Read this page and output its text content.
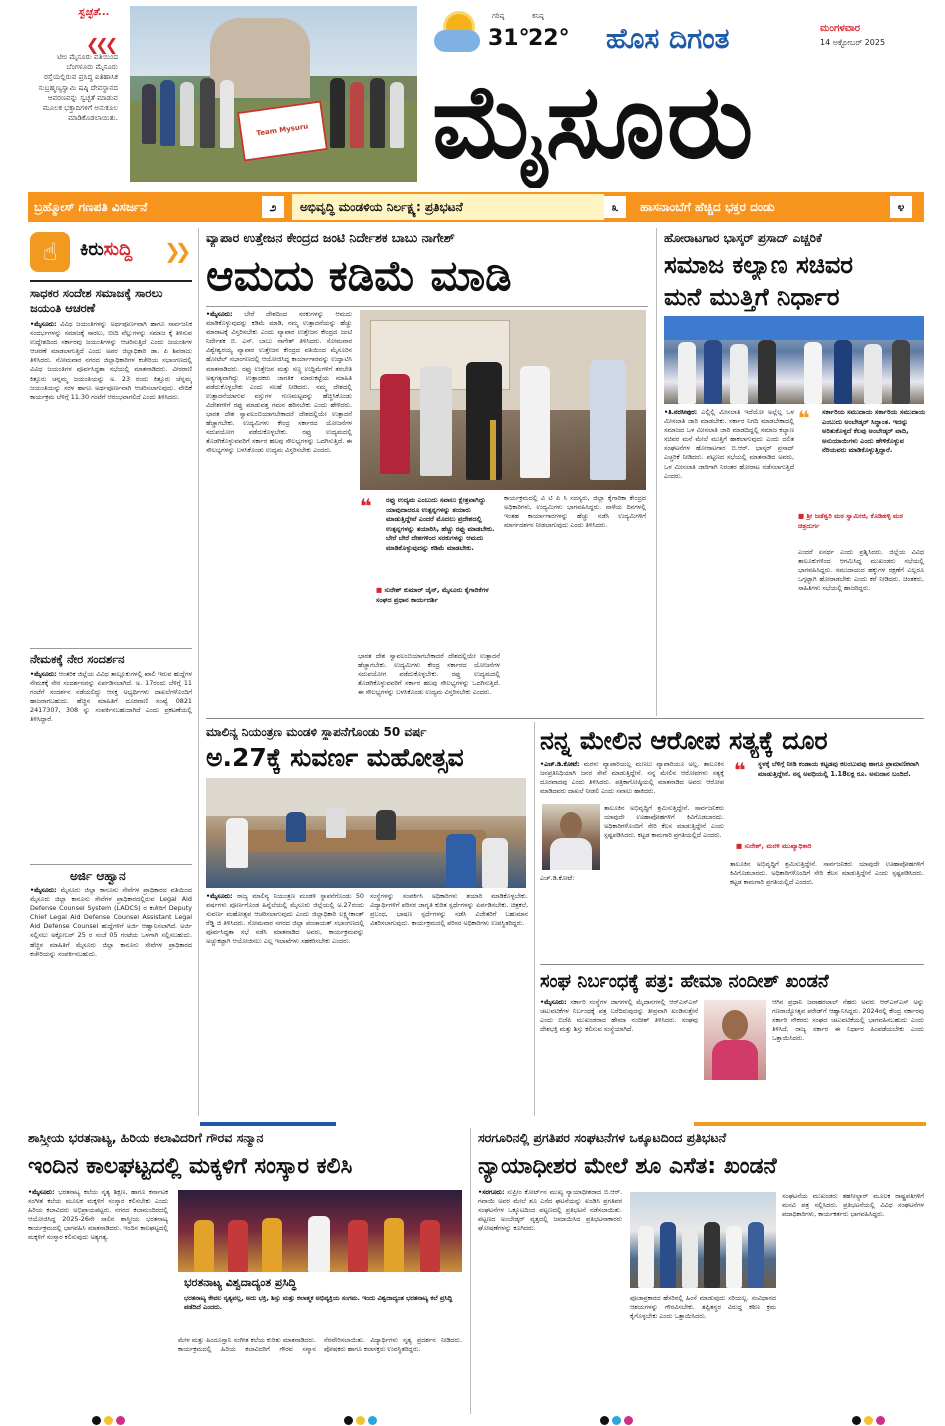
ಸ್ವಚ್ಛತೆ...
❮❮❮
ಟೀಂ ಮೈಸೂರು ವತಿಯಿಂದ ಬೆಂಗಳೂರು ಮೈಸೂರು ರಸ್ತೆಯಲ್ಲಿರುವ ಪ್ರಸಿದ್ಧ ಐತಿಹಾಸಿಕ ಸುಬ್ರಹ್ಮಣ್ಯಸ್ವಾಮಿ ಷಷ್ಠಿ ದೇವಸ್ಥಾನದ ಆವರಣವನ್ನು ಸ್ವಚ್ಛತೆ ಮಾಡುವ ಮೂಲಕ ಭಕ್ತಾದಿಗಳಿಗೆ ಅನುಕೂಲ ಮಾಡಿಕೊಡಲಾಯಿತು.
Team Mysuru
ಗರಿಷ್ಠ
31°
ಕನಿಷ್ಠ
22° ಹೊಸ ದಿಗಂತ	ಮಂಗಳವಾರ
14 ಅಕ್ಟೋಬರ್ 2025
ಮೈಸೂರು
ಬ್ರಹ್ಮೋಸ್ ಗಣಪತಿ ವಿಸರ್ಜನೆ	೨	ಅಭಿವೃದ್ಧಿ ಮಂಡಳಿಯ ನಿರ್ಲಕ್ಷ್ಯ: ಪ್ರತಿಭಟನೆ	೩	ಹಾಸನಾಂಬೆಗೆ ಹೆಚ್ಚಿದ ಭಕ್ತರ ದಂಡು	೪
☝	ಕಿರುಸುದ್ದಿ ❯❯
ಸಾಧಕರ ಸಂದೇಶ ಸಮಾಜಕ್ಕೆ ಸಾರಲು ಜಯಂತಿ ಆಚರಣೆ
•ಮೈಸೂರು: ವಿವಿಧ ಜಯಂತಿಗಳನ್ನು ಅರ್ಥಪೂರ್ಣವಾಗಿ ಹಾಗೂ ಸಾರ್ವಜನಿಕ ಸಂದರ್ಭಗಳನ್ನು ಸಮಾಜಕ್ಕೆ ಸಾರಲು, ಬೀದಿ ವೆಲ್ಲುಗಳನ್ನು ಸಮಾಜ ಕ್ಕೆ ತಿಳಿಸುವ ಉದ್ದೇಶದಿಂದ ಸರ್ಕಾರವು ಜಯಂತಿಗಳನ್ನು ಆಚರಿಸುತ್ತಿದೆ ಎಂದು ಜಯಂತಿಗಳ ಆಚರಣೆ ಮಾಡಲಾಗುತ್ತಿದೆ ಎಂದು ಅಪರ ಜಿಲ್ಲಾಧಿಕಾರಿ ಡಾ. ಪಿ ಶಿವರಾಜು ತಿಳಿಸಿದರು. ನೋಮವಾರ ನಗರದ ಜಿಲ್ಲಾಧಿಕಾರಿಗಳ ಕಚೇರಿಯ ಸಭಾಂಗಣದಲ್ಲಿ ವಿವಿಧ ಜಯಂತಿಗಳ ಪೂರ್ವಸಿದ್ಧತಾ ಸಭೆಯಲ್ಲಿ ಮಾತನಾಡಿದರು. ವೀರರಾಣಿ ಕಿತ್ತೂರು ಚನ್ನಮ್ಮ ಜಯಂತಿಯನ್ನು ಅ. 23 ರಂದು ಕಿತ್ತೂರು ಚೆನ್ನಮ್ಮ ಜಯಂತಿಯನ್ನು ಸರಳ ಹಾಗೂ ಅರ್ಥಪೂರ್ಣವಾಗಿ ಆಚರಿಸಲಾಗುವುದು. ವೇದಿಕೆ ಕಾರ್ಯಕ್ರಮ ಬೆಳಿಗ್ಗೆ 11.30 ಗಂಟೆಗೆ ಆರಂಭವಾಗಲಿದೆ ಎಂದು ತಿಳಿಸಿದರು.
ನೇಮಕಕ್ಕೆ ನೇರ ಸಂದರ್ಶನ
•ಮೈಸೂರು: ಆಂತರಿಕ ಜಿಲ್ಲೆಯ ವಿವಿಧ ತಾಲ್ಲೂಕುಗಳಲ್ಲಿ ಖಾಲಿ ಇರುವ ಹುದ್ದೆಗಳ ನೇಮಕಕ್ಕೆ ನೇರ ಸಂದರ್ಶನವನ್ನು ಏರ್ಪಡಿಸಲಾಗಿದೆ. ಅ. 17ರಂದು ಬೆಳಿಗ್ಗೆ 11 ಗಂಟೆಗೆ ಸಂದರ್ಶನ ನಡೆಯಲಿದ್ದು ಆಸಕ್ತ ಅಭ್ಯರ್ಥಿಗಳು ದಾಖಲೆಗಳೊಂದಿಗೆ ಹಾಜರಾಗಬಹುದು. ಹೆಚ್ಚಿನ ಮಾಹಿತಿಗೆ ದೂರವಾಣಿ ಸಂಖ್ಯೆ 0821 2417307, 308 ನ್ನು ಸಂಪರ್ಕಿಸಬಹುದಾಗಿದೆ ಎಂದು ಪ್ರಕಟಣೆಯಲ್ಲಿ ತಿಳಿಸಿದ್ದಾರೆ.
ಅರ್ಜಿ ಆಹ್ವಾನ
•ಮೈಸೂರು: ಮೈಸೂರು ಜಿಲ್ಲಾ ಕಾನೂನು ಸೇವೆಗಳ ಪ್ರಾಧಿಕಾರದ ವತಿಯಿಂದ ಮೈಸೂರು ಜಿಲ್ಲಾ ಕಾನೂನು ಸೇವೆಗಳ ಪ್ರಾಧಿಕಾರದಲ್ಲಿರುವ Legal Aid Defense Counsel System (LADCS) ರ ಕಚೇರಿಗೆ Deputy Chief Legal Aid Defense Counsel Assistant Legal Aid Defense Counsel ಹುದ್ದೆಗಳಿಗೆ ಅರ್ಜಿ ಆಹ್ವಾನಿಸಲಾಗಿದೆ. ಅರ್ಜಿ ಸಲ್ಲಿಸಲು ಅಕ್ಟೋಬರ್ 25 ರ ಸಂಜೆ 05 ಗಂಟೆಯ ಒಳಗಾಗಿ ಸಲ್ಲಿಸಬಹುದು. ಹೆಚ್ಚಿನ ಮಾಹಿತಿಗೆ ಮೈಸೂರು ಜಿಲ್ಲಾ ಕಾನೂನು ಸೇವೆಗಳ ಪ್ರಾಧಿಕಾರದ ಕಚೇರಿಯನ್ನು ಸಂಪರ್ಕಿಸಬಹುದು.
ವ್ಯಾಪಾರ ಉತ್ತೇಜನ ಕೇಂದ್ರದ ಜಂಟಿ ನಿರ್ದೇಶಕ ಬಾಬು ನಾಗೇಶ್
ಆಮದು ಕಡಿಮೆ ಮಾಡಿ
•ಮೈಸೂರು: ಬೇರೆ ದೇಶದಿಂದ ಸರಕುಗಳನ್ನು ಆಮದು ಮಾಡಿಕೊಳ್ಳುವುದನ್ನು ಕಡಿಮೆ ಮಾಡಿ, ನಮ್ಮ ಉತ್ಪಾದನೆಯನ್ನು ಹೆಚ್ಚು ಮಾರಾಟಕ್ಕೆ ವಿಸ್ತರಿಸಬೇಕು ಎಂದು ವ್ಯಾಪಾರ ಉತ್ತೇಜನ ಕೇಂದ್ರದ ಜಂಟಿ ನಿರ್ದೇಶಕ ಬಿ. ಎಸ್. ಬಾಬು ನಾಗೇಶ್ ತಿಳಿಸಿದರು. ಸೋಮವಾರ ವಿಶ್ವೇಶ್ವರಯ್ಯ ವ್ಯಾಪಾರ ಉತ್ತೇಜನ ಕೇಂದ್ರದ ವತಿಯಿಂದ ಮೈಸೂರಿನ ಹೋಟೆಲ್ ಸಭಾಂಗಣದಲ್ಲಿ ಆಯೋಜಿಸಿದ್ದ ಕಾರ್ಯಾಗಾರವನ್ನು ಉದ್ಘಾಟಿಸಿ ಮಾತನಾಡಿದರು. ರಫ್ತು ಉತ್ತೇಜನ ಮತ್ತು ಸಣ್ಣ ಉದ್ದಿಮೆಗಳಿಗೆ ತರಬೇತಿ ಅತ್ಯಗತ್ಯವಾಗಿದ್ದು ಉತ್ಪಾದಕರು ಜಾಗತಿಕ ಮಾರುಕಟ್ಟೆಯ ಮಾಹಿತಿ ಪಡೆದುಕೊಳ್ಳಬೇಕು ಎಂದು ಸಲಹೆ ನೀಡಿದರು. ನಮ್ಮ ದೇಶದಲ್ಲಿ ಉತ್ಪಾದನೆಯಾಗುವ ವಸ್ತುಗಳ ಗುಣಮಟ್ಟವನ್ನು ಹೆಚ್ಚಿಸಿಕೊಂಡು ವಿದೇಶಗಳಿಗೆ ರಫ್ತು ಮಾಡುವತ್ತ ಗಮನ ಹರಿಸಬೇಕು ಎಂದು ಹೇಳಿದರು. ಭಾರತ ದೇಶ ಸ್ವಾವಲಂಬಿಯಾಗಬೇಕಾದರೆ ದೇಶದಲ್ಲಿಯೇ ಉತ್ಪಾದನೆ ಹೆಚ್ಚಾಗಬೇಕು. ಉದ್ಯಮಿಗಳು ಕೇಂದ್ರ ಸರ್ಕಾರದ ಯೋಜನೆಗಳ ಸದುಪಯೋಗ ಪಡೆದುಕೊಳ್ಳಬೇಕು. ರಫ್ತು ಉದ್ಯಮದಲ್ಲಿ ತೊಡಗಿಕೊಳ್ಳುವವರಿಗೆ ಸರ್ಕಾರ ಹಲವು ಸೌಲಭ್ಯಗಳನ್ನು ಒದಗಿಸುತ್ತಿದೆ. ಈ ಸೌಲಭ್ಯಗಳನ್ನು ಬಳಸಿಕೊಂಡು ಉದ್ಯಮ ವಿಸ್ತರಿಸಬೇಕು ಎಂದರು.
❝ ರಫ್ತು ಉದ್ಯಮ ಎಂಬುದು ಸವಾಲು ಕ್ಷೇತ್ರವಾಗಿದ್ದು ಯಾವುದಾದರೂ ಉತ್ಪನ್ನಗಳನ್ನು ತಯಾರು ಮಾಡುತ್ತಿದ್ದೇವೆ ಎಂದರೆ ಮೊದಲು ಪ್ರದೇಶದಲ್ಲಿ ಉತ್ಪನ್ನಗಳನ್ನು ತಯಾರಿಸಿ, ಹೆಚ್ಚು ರಫ್ತು ಮಾಡಬೇಕು. ಬೇರೆ ಬೇರೆ ದೇಶಗಳಿಂದ ಸರಕುಗಳನ್ನು ಆಮದು ಮಾಡಿಕೊಳ್ಳುವುದನ್ನು ಕಡಿಮೆ ಮಾಡಬೇಕು.
■ ಸುರೇಶ್ ಕುಮಾರ್ ಜೈನ್, ಮೈಸೂರು ಕೈಗಾರಿಕೆಗಳ ಸಂಘದ ಪ್ರಧಾನ ಕಾರ್ಯದರ್ಶಿ
ಕಾರ್ಯಕ್ರಮದಲ್ಲಿ ವಿ ಟಿ ಪಿ ಸಿ ಸದಸ್ಯರು, ಜಿಲ್ಲಾ ಕೈಗಾರಿಕಾ ಕೇಂದ್ರದ ಅಧಿಕಾರಿಗಳು, ಉದ್ಯಮಿಗಳು ಭಾಗವಹಿಸಿದ್ದರು. ನಾಳೆಯ ದಿನಗಳಲ್ಲಿ ಇಂತಹ ಕಾರ್ಯಾಗಾರಗಳನ್ನು ಹೆಚ್ಚು ನಡೆಸಿ ಉದ್ಯಮಿಗಳಿಗೆ ಮಾರ್ಗದರ್ಶನ ನೀಡಲಾಗುವುದು ಎಂದು ತಿಳಿಸಿದರು.
ಭಾರತ ದೇಶ ಸ್ವಾವಲಂಬಿಯಾಗಬೇಕಾದರೆ ದೇಶದಲ್ಲಿಯೇ ಉತ್ಪಾದನೆ ಹೆಚ್ಚಾಗಬೇಕು. ಉದ್ಯಮಿಗಳು ಕೇಂದ್ರ ಸರ್ಕಾರದ ಯೋಜನೆಗಳ ಸದುಪಯೋಗ ಪಡೆದುಕೊಳ್ಳಬೇಕು. ರಫ್ತು ಉದ್ಯಮದಲ್ಲಿ ತೊಡಗಿಕೊಳ್ಳುವವರಿಗೆ ಸರ್ಕಾರ ಹಲವು ಸೌಲಭ್ಯಗಳನ್ನು ಒದಗಿಸುತ್ತಿದೆ. ಈ ಸೌಲಭ್ಯಗಳನ್ನು ಬಳಸಿಕೊಂಡು ಉದ್ಯಮ ವಿಸ್ತರಿಸಬೇಕು ಎಂದರು.
ಹೋರಾಟಗಾರ ಭಾಸ್ಕರ್ ಪ್ರಸಾದ್ ಎಚ್ಚರಿಕೆ
ಸಮಾಜ ಕಲ್ಯಾಣ ಸಚಿವರ
ಮನೆ ಮುತ್ತಿಗೆ ನಿರ್ಧಾರ
•ತಿ.ನರಸೀಪುರ: ಎಲ್ಲಿಲ್ಲಿ ಮೀಸಲಾತಿ ಇದೆಯೋ ಅಲ್ಲೆಲ್ಲ ಒಳ ಮೀಸಲಾತಿ ಜಾರಿ ಮಾಡಬೇಕು. ಸರ್ಕಾರ ನಿಗದಿ ಮಾಡಬೇಕಾದಲ್ಲಿ ಸಮಾಜದ ಒಳ ಮೀಸಲಾತಿ ಜಾರಿ ಮಾಡದಿದ್ದಲ್ಲಿ ಸಮಾಜ ಕಲ್ಯಾಣ ಸಚಿವರ ಮನೆ ಮೇಲೆ ಮುತ್ತಿಗೆ ಹಾಕಲಾಗುವುದು ಎಂದು ದಲಿತ ಸಂಘಟನೆಗಳ ಹೋರಾಟಗಾರ ಬಿ.ಆರ್. ಭಾಸ್ಕರ್ ಪ್ರಸಾದ್ ಎಚ್ಚರಿಕೆ ನೀಡಿದರು. ಪಟ್ಟಣದ ಸಭೆಯಲ್ಲಿ ಮಾತನಾಡಿದ ಅವರು, ಒಳ ಮೀಸಲಾತಿ ಜಾರಿಗಾಗಿ ನಿರಂತರ ಹೋರಾಟ ನಡೆಸಲಾಗುತ್ತಿದೆ ಎಂದರು.
❝ ಸರ್ಕಾರಿಯ ಸಮುದಾಯ ಸರ್ಕಾರಿಯ ಸಮುದಾಯ ಎಂಬುದು ಅಂಬೇಡ್ಕರ್ ಸಿದ್ಧಾಂತ. ಇದನ್ನು ಅರಿತುಕೊಳ್ಳದೆ ಕೆಲವು ಅಂಬೇಡ್ಕರ್ ವಾದಿ, ಅನುಯಾಯಿಗಳು ಎಂದು ಹೇಳಿಕೊಳ್ಳುವ ನೆರಿಯವರು ಮಾಡಿಕೊಳ್ಳುತ್ತಿದ್ದಾರೆ.
■ ಶ್ರೀ ಜಡೆಶ್ವರಿ ಮಠ ಸ್ವಾಮೀಜಿ, ಕೊಡಿಹಳ್ಳಿ ಮಠ ಚಿತ್ರದುರ್ಗ
ಎಂದರೆ ಏನರ್ಥ ಎಂದು ಪ್ರಶ್ನಿಸಿದರು. ಜಿಲ್ಲೆಯ ವಿವಿಧ ತಾಲೂಕುಗಳಿಂದ ಆಗಮಿಸಿದ್ದ ಮುಖಂಡರು ಸಭೆಯಲ್ಲಿ ಭಾಗವಹಿಸಿದ್ದರು. ಸಮುದಾಯದ ಹಕ್ಕುಗಳ ರಕ್ಷಣೆಗೆ ಎಲ್ಲರೂ ಒಗ್ಗಟ್ಟಾಗಿ ಹೋರಾಡಬೇಕು ಎಂದು ಕರೆ ನೀಡಿದರು. ಚಿಂತಕರು, ಸಾಹಿತಿಗಳು ಸಭೆಯಲ್ಲಿ ಹಾಜರಿದ್ದರು.
ಮಾಲಿನ್ಯ ನಿಯಂತ್ರಣ ಮಂಡಳಿ ಸ್ಥಾಪನೆಗೊಂಡು 50 ವರ್ಷ
ಅ.27ಕ್ಕೆ ಸುವರ್ಣ ಮಹೋತ್ಸವ
•ಮೈಸೂರು: ರಾಜ್ಯ ಮಾಲಿನ್ಯ ನಿಯಂತ್ರಣ ಮಂಡಳಿ ಸ್ಥಾಪನೆಗೊಂಡು 50 ವರ್ಷಗಳು ಪೂರ್ಣಗೊಂಡ ಹಿನ್ನೆಲೆಯಲ್ಲಿ ಮೈಸೂರು ಜಿಲ್ಲೆಯಲ್ಲಿ ಅ.27ರಂದು ಸುವರ್ಣ ಮಹೋತ್ಸವ ಆಚರಿಸಲಾಗುವುದು ಎಂದು ಜಿಲ್ಲಾಧಿಕಾರಿ ಲಕ್ಷ್ಮೀಕಾಂತ್ ರೆಡ್ಡಿ ಜಿ ತಿಳಿಸಿದರು. ಸೋಮವಾರ ನಗರದ ಜಿಲ್ಲಾ ಪಂಚಾಯತ್ ಸಭಾಂಗಣದಲ್ಲಿ ಪೂರ್ವಸಿದ್ಧತಾ ಸಭೆ ನಡೆಸಿ ಮಾತನಾಡಿದ ಅವರು, ಕಾರ್ಯಕ್ರಮವನ್ನು ಅಚ್ಚುಕಟ್ಟಾಗಿ ಆಯೋಜಿಸಲು ಎಲ್ಲ ಇಲಾಖೆಗಳು ಸಹಕರಿಸಬೇಕು ಎಂದರು.
ಸಂಸ್ಥೆಗಳನ್ನು ಸಂಪರ್ಕಿಸಿ ಅಧಿಕಾರಿಗಳು ತಯಾರಿ ಮಾಡಿಕೊಳ್ಳಬೇಕು. ವಿದ್ಯಾರ್ಥಿಗಳಿಗೆ ಪರಿಸರ ಜಾಗೃತಿ ಕುರಿತ ಸ್ಪರ್ಧೆಗಳನ್ನು ಏರ್ಪಡಿಸಬೇಕು. ಚಿತ್ರಕಲೆ, ಪ್ರಬಂಧ, ಭಾಷಣ ಸ್ಪರ್ಧೆಗಳನ್ನು ನಡೆಸಿ ವಿಜೇತರಿಗೆ ಬಹುಮಾನ ವಿತರಿಸಲಾಗುವುದು. ಕಾರ್ಯಕ್ರಮದಲ್ಲಿ ಪರಿಸರ ಅಧಿಕಾರಿಗಳು ಉಪಸ್ಥಿತರಿದ್ದರು.
ನನ್ನ ಮೇಲಿನ ಆರೋಪ ಸತ್ಯಕ್ಕೆ ದೂರ
•ಎಚ್.ಡಿ.ಕೋಟೆ: ಮರಳು ವ್ಯಾಪಾರಿಯಲ್ಲ ಮಣಲು ವ್ಯಾಪಾರಿಯೂ ಅಲ್ಲ. ತಾಲೂಕಿನ ಜನಪ್ರತಿನಿಧಿಯಾಗಿ ಜನರ ಸೇವೆ ಮಾಡುತ್ತಿದ್ದೇನೆ. ನನ್ನ ಮೇಲಿನ ಆರೋಪಗಳು ಸತ್ಯಕ್ಕೆ ದೂರವಾದವು ಎಂದು ತಿಳಿಸಿದರು. ಪತ್ರಿಕಾಗೋಷ್ಠಿಯಲ್ಲಿ ಮಾತನಾಡಿದ ಅವರು ಆರೋಪ ಮಾಡಿದವರು ದಾಖಲೆ ನೀಡಲಿ ಎಂದು ಸವಾಲು ಹಾಕಿದರು.
ತಾಲೂಕಿನ ಅಭಿವೃದ್ಧಿಗೆ ಶ್ರಮಿಸುತ್ತಿದ್ದೇನೆ. ಸಾರ್ವಜನಿಕರು ಯಾವುದೇ ಊಹಾಪೋಹಗಳಿಗೆ ಕಿವಿಗೊಡಬಾರದು. ಅಧಿಕಾರಿಗಳೊಂದಿಗೆ ಸೇರಿ ಕೆಲಸ ಮಾಡುತ್ತಿದ್ದೇನೆ ಎಂದು ಸ್ಪಷ್ಟಪಡಿಸಿದರು. ಕಟ್ಟಡ ಕಾಮಗಾರಿ ಪ್ರಗತಿಯಲ್ಲಿದೆ ಎಂದರು.
ಎಚ್.ಡಿ.ಕೋಟೆ:
❝ ಸ್ಥಳಕ್ಕೆ ಬೆಳಿಗ್ಗೆ ನೀಡಿ ಕಂಡಾಯ ಕಟ್ಟಡವು ಕಲಂಬುವವು ಹಾಗೂ ಪ್ರಾಮಾಣಿಕವಾಗಿ ಮಾಡುತ್ತಿದ್ದೇನೆ. ನನ್ನ ಅವಧಿಯಲ್ಲಿ 1.18ಲಕ್ಷ ರೂ. ಅನುದಾನ ಬಂದಿದೆ.
■ ಸುರೇಶ್, ಮರಳಿ ಮುಖ್ಯಾಧಿಕಾರಿ
ತಾಲೂಕಿನ ಅಭಿವೃದ್ಧಿಗೆ ಶ್ರಮಿಸುತ್ತಿದ್ದೇನೆ. ಸಾರ್ವಜನಿಕರು ಯಾವುದೇ ಊಹಾಪೋಹಗಳಿಗೆ ಕಿವಿಗೊಡಬಾರದು. ಅಧಿಕಾರಿಗಳೊಂದಿಗೆ ಸೇರಿ ಕೆಲಸ ಮಾಡುತ್ತಿದ್ದೇನೆ ಎಂದು ಸ್ಪಷ್ಟಪಡಿಸಿದರು. ಕಟ್ಟಡ ಕಾಮಗಾರಿ ಪ್ರಗತಿಯಲ್ಲಿದೆ ಎಂದರು.
ಸಂಘ ನಿರ್ಬಂಧಕ್ಕೆ ಪತ್ರ: ಹೇಮಾ ನಂದೀಶ್ ಖಂಡನೆ
•ಮೈಸೂರು: ಸರ್ಕಾರಿ ಸಂಸ್ಥೆಗಳ ಜಾಗಗಳಲ್ಲಿ ಮೈದಾನಗಳಲ್ಲಿ ಆರ್‌ಎಸ್‌ಎಸ್ ಚಟುವಟಿಕೆಗಳ ನಿರ್ಬಂಧಕ್ಕೆ ಪತ್ರ ಬರೆದಿರುವುದನ್ನು ತೀವ್ರವಾಗಿ ಖಂಡಿಸುತ್ತೇನೆ ಎಂದು ಬಿಜೆಪಿ ಮುಖಂಡರಾದ ಹೇಮಾ ನಂದೀಶ್ ತಿಳಿಸಿದರು. ಸಂಘವು ದೇಶಭಕ್ತಿ ಮತ್ತು ಶಿಸ್ತು ಕಲಿಸುವ ಸಂಸ್ಥೆಯಾಗಿದೆ.
ಆಗಿನ ಪ್ರಧಾನಿ ಜವಾಹರಲಾಲ್ ನೆಹರು ಅವರು ಆರ್‌ಎಸ್‌ಎಸ್ ಅನ್ನು ಗಣರಾಜ್ಯೋತ್ಸವ ಪರೇಡ್‌ಗೆ ಆಹ್ವಾನಿಸಿದ್ದರು. 2024ರಲ್ಲಿ ಕೇಂದ್ರ ಸರ್ಕಾರವು ಸರ್ಕಾರಿ ನೌಕರರು ಸಂಘದ ಚಟುವಟಿಕೆಯಲ್ಲಿ ಭಾಗವಹಿಸಬಹುದು ಎಂದು ತಿಳಿಸಿದೆ. ರಾಜ್ಯ ಸರ್ಕಾರ ಈ ನಿರ್ಧಾರ ಹಿಂಪಡೆಯಬೇಕು ಎಂದು ಒತ್ತಾಯಿಸಿದರು.
ಶಾಸ್ತ್ರೀಯ ಭರತನಾಟ್ಯ, ಹಿರಿಯ ಕಲಾವಿದರಿಗೆ ಗೌರವ ಸನ್ಮಾನ
ಇಂದಿನ ಕಾಲಘಟ್ಟದಲ್ಲಿ ಮಕ್ಕಳಿಗೆ ಸಂಸ್ಕಾರ ಕಲಿಸಿ
•ಮೈಸೂರು: ಭರತನಾಟ್ಯ ಕಲೆಯ ನೃತ್ಯ ಶಿಕ್ಷಣ, ಹಾಗೂ ಕರ್ನಾಟಕ ಸಂಗೀತ ಕಲೆಯ ಮೂಲಕ ಮಕ್ಕಳಿಗೆ ಸಂಸ್ಕಾರ ಕಲಿಸಬೇಕು ಎಂದು ಹಿರಿಯ ಕಲಾವಿದರು ಅಭಿಪ್ರಾಯಪಟ್ಟರು. ನಗರದ ಕಲಾಮಂದಿರದಲ್ಲಿ ಆಯೋಜಿಸಿದ್ದ 2025-26ನೇ ಸಾಲಿನ ಶಾಸ್ತ್ರೀಯ ಭರತನಾಟ್ಯ ಕಾರ್ಯಕ್ರಮದಲ್ಲಿ ಭಾಗವಹಿಸಿ ಮಾತನಾಡಿದರು. ಇಂದಿನ ಕಾಲಘಟ್ಟದಲ್ಲಿ ಮಕ್ಕಳಿಗೆ ಸಂಸ್ಕಾರ ಕಲಿಸುವುದು ಅತ್ಯಗತ್ಯ.
ಭರತನಾಟ್ಯ ವಿಶ್ವದಾದ್ಯಂತ ಪ್ರಸಿದ್ಧಿ
ಭರತನಾಟ್ಯ ಕೇವಲ ನೃತ್ಯವಲ್ಲ, ಅದು ಭಕ್ತಿ, ಶಿಸ್ತು ಮತ್ತು ಕಲಾತ್ಮಕ ಅಭಿವ್ಯಕ್ತಿಯ ಸಂಗಮ. ಇಂದು ವಿಶ್ವದಾದ್ಯಂತ ಭರತನಾಟ್ಯ ಕಲೆ ಪ್ರಸಿದ್ಧಿ ಪಡೆದಿದೆ ಎಂದರು.
ಮೇಳ ಮತ್ತು ಹಿಂದೂಸ್ತಾನಿ ಸಂಗೀತ ಕಲೆಯ ಕುರಿತು ಮಾತನಾಡಿದರು. ಕಾರ್ಯಕ್ರಮದಲ್ಲಿ ಹಿರಿಯ ಕಲಾವಿದರಿಗೆ ಗೌರವ ಸನ್ಮಾನ ನೆರವೇರಿಸಲಾಯಿತು. ವಿದ್ಯಾರ್ಥಿಗಳು ನೃತ್ಯ ಪ್ರದರ್ಶನ ನೀಡಿದರು. ಪೋಷಕರು ಹಾಗೂ ಕಲಾಸಕ್ತರು ಉಪಸ್ಥಿತರಿದ್ದರು.
ಸರಗೂರಿನಲ್ಲಿ ಪ್ರಗತಿಪರ ಸಂಘಟನೆಗಳ ಒಕ್ಕೂಟದಿಂದ ಪ್ರತಿಭಟನೆ
ನ್ಯಾಯಾಧೀಶರ ಮೇಲೆ ಶೂ ಎಸೆತ: ಖಂಡನೆ
•ಸರಗೂರು: ಸುಪ್ರೀಂ ಕೋರ್ಟ್‌ನ ಮುಖ್ಯ ನ್ಯಾಯಾಧೀಶರಾದ ಬಿ.ಆರ್. ಗವಾಯಿ ಅವರ ಮೇಲೆ ಶೂ ಎಸೆದ ಘಟನೆಯನ್ನು ಖಂಡಿಸಿ ಪ್ರಗತಿಪರ ಸಂಘಟನೆಗಳ ಒಕ್ಕೂಟದಿಂದ ಪಟ್ಟಣದಲ್ಲಿ ಪ್ರತಿಭಟನೆ ನಡೆಸಲಾಯಿತು. ಪಟ್ಟಣದ ಅಂಬೇಡ್ಕರ್ ವೃತ್ತದಲ್ಲಿ ಜಮಾಯಿಸಿದ ಪ್ರತಿಭಟನಾಕಾರರು ಘೋಷಣೆಗಳನ್ನು ಕೂಗಿದರು.
ಪೂಜಾಪ್ರಕಾರದ ಹೆಸರಿನಲ್ಲಿ ಹಿಂಸೆ ಮಾಡುವುದು ಸರಿಯಲ್ಲ. ಸಂವಿಧಾನದ ಆಶಯಗಳನ್ನು ಗೌರವಿಸಬೇಕು. ತಪ್ಪಿತಸ್ಥರ ವಿರುದ್ಧ ಕಠಿಣ ಕ್ರಮ ಕೈಗೊಳ್ಳಬೇಕು ಎಂದು ಒತ್ತಾಯಿಸಿದರು.
ಸಂಘಟನೆಯ ಮುಖಂಡರು ತಹಸೀಲ್ದಾರ್ ಮೂಲಕ ರಾಷ್ಟ್ರಪತಿಗಳಿಗೆ ಮನವಿ ಪತ್ರ ಸಲ್ಲಿಸಿದರು. ಪ್ರತಿಭಟನೆಯಲ್ಲಿ ವಿವಿಧ ಸಂಘಟನೆಗಳ ಪದಾಧಿಕಾರಿಗಳು, ಕಾರ್ಯಕರ್ತರು ಭಾಗವಹಿಸಿದ್ದರು.
